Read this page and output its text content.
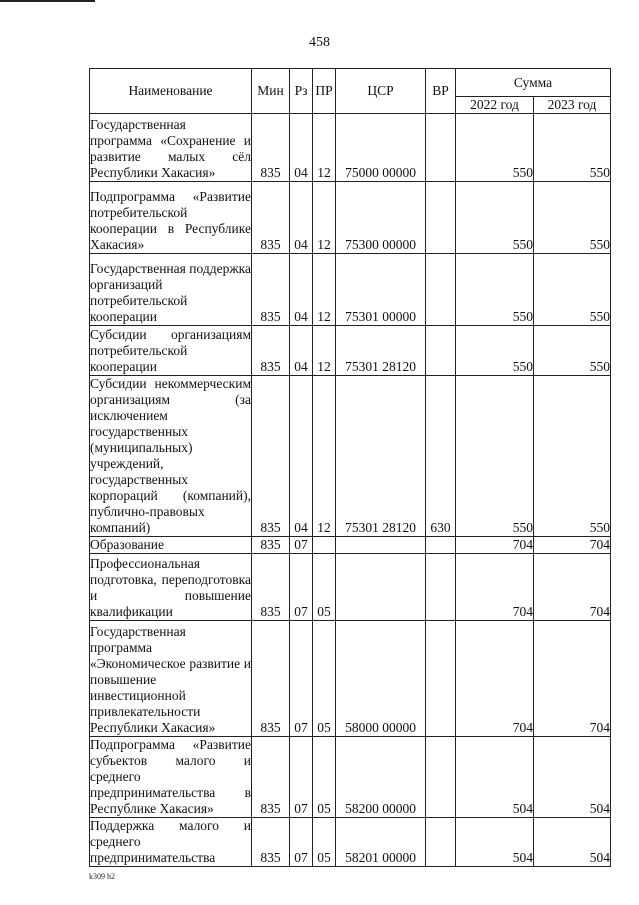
458
Наименование	Мин	Рз	ПР	ЦСР	ВР	Сумма	
						2022 год	2023 год
Государственная программа «Сохранение и развитие малых сёл Республики Хакасия»	835	04	12	75000 00000		550	550
Подпрограмма «Развитие потребительской кооперации в Республике Хакасия»	835	04	12	75300 00000		550	550
Государственная поддержка организаций потребительской кооперации	835	04	12	75301 00000		550	550
Субсидии организациям потребительской кооперации	835	04	12	75301 28120		550	550
Субсидии некоммерческим организациям (за исключением государственных (муниципальных) учреждений, государственных корпораций (компаний), публично-правовых компаний)	835	04	12	75301 28120	630	550	550
Образование	835	07				704	704
Профессиональная подготовка, переподготовка и повышение квалификации	835	07	05			704	704
Государственная программа «Экономическое развитие и повышение инвестиционной привлекательности Республики Хакасия»	835	07	05	58000 00000		704	704
Подпрограмма «Развитие субъектов малого и среднего предпринимательства в Республике Хакасия»	835	07	05	58200 00000		504	504
Поддержка малого и среднего предпринимательства	835	07	05	58201 00000		504	504
k309 h2
